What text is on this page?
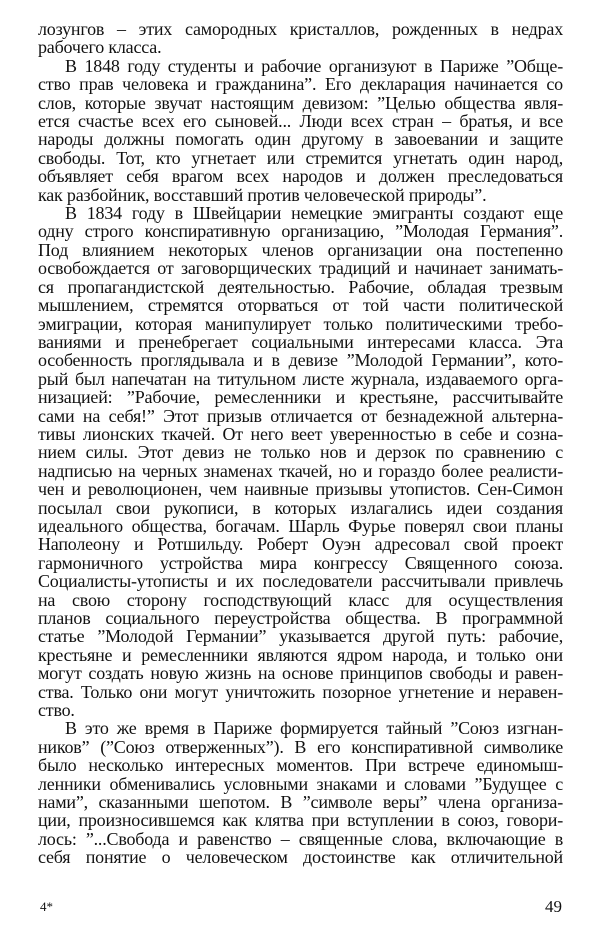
лозунгов – этих самородных кристаллов, рожденных в недрах
рабочего класса.
В 1848 году студенты и рабочие организуют в Париже ”Обще-
ство прав человека и гражданина”. Его декларация начинается со
слов, которые звучат настоящим девизом: ”Целью общества явля-
ется счастье всех его сыновей... Люди всех стран – братья, и все
народы должны помогать один другому в завоевании и защите
свободы. Тот, кто угнетает или стремится угнетать один народ,
объявляет себя врагом всех народов и должен преследоваться
как разбойник, восставший против человеческой природы”.
В 1834 году в Швейцарии немецкие эмигранты создают еще
одну строго конспиративную организацию, ”Молодая Германия”.
Под влиянием некоторых членов организации она постепенно
освобождается от заговорщических традиций и начинает занимать-
ся пропагандистской деятельностью. Рабочие, обладая трезвым
мышлением, стремятся оторваться от той части политической
эмиграции, которая манипулирует только политическими требо-
ваниями и пренебрегает социальными интересами класса. Эта
особенность проглядывала и в девизе ”Молодой Германии”, кото-
рый был напечатан на титульном листе журнала, издаваемого орга-
низацией: ”Рабочие, ремесленники и крестьяне, рассчитывайте
сами на себя!” Этот призыв отличается от безнадежной альтерна-
тивы лионских ткачей. От него веет уверенностью в себе и созна-
нием силы. Этот девиз не только нов и дерзок по сравнению с
надписью на черных знаменах ткачей, но и гораздо более реалисти-
чен и революционен, чем наивные призывы утопистов. Сен-Симон
посылал свои рукописи, в которых излагались идеи создания
идеального общества, богачам. Шарль Фурье поверял свои планы
Наполеону и Ротшильду. Роберт Оуэн адресовал свой проект
гармоничного устройства мира конгрессу Священного союза.
Социалисты-утописты и их последователи рассчитывали привлечь
на свою сторону господствующий класс для осуществления
планов социального переустройства общества. В программной
статье ”Молодой Германии” указывается другой путь: рабочие,
крестьяне и ремесленники являются ядром народа, и только они
могут создать новую жизнь на основе принципов свободы и равен-
ства. Только они могут уничтожить позорное угнетение и неравен-
ство.
В это же время в Париже формируется тайный ”Союз изгнан-
ников” (”Союз отверженных”). В его конспиративной символике
было несколько интересных моментов. При встрече единомыш-
ленники обменивались условными знаками и словами ”Будущее с
нами”, сказанными шепотом. В ”символе веры” члена организа-
ции, произносившемся как клятва при вступлении в союз, говори-
лось: ”...Свобода и равенство – священные слова, включающие в
себя понятие о человеческом достоинстве как отличительной
4*	49
